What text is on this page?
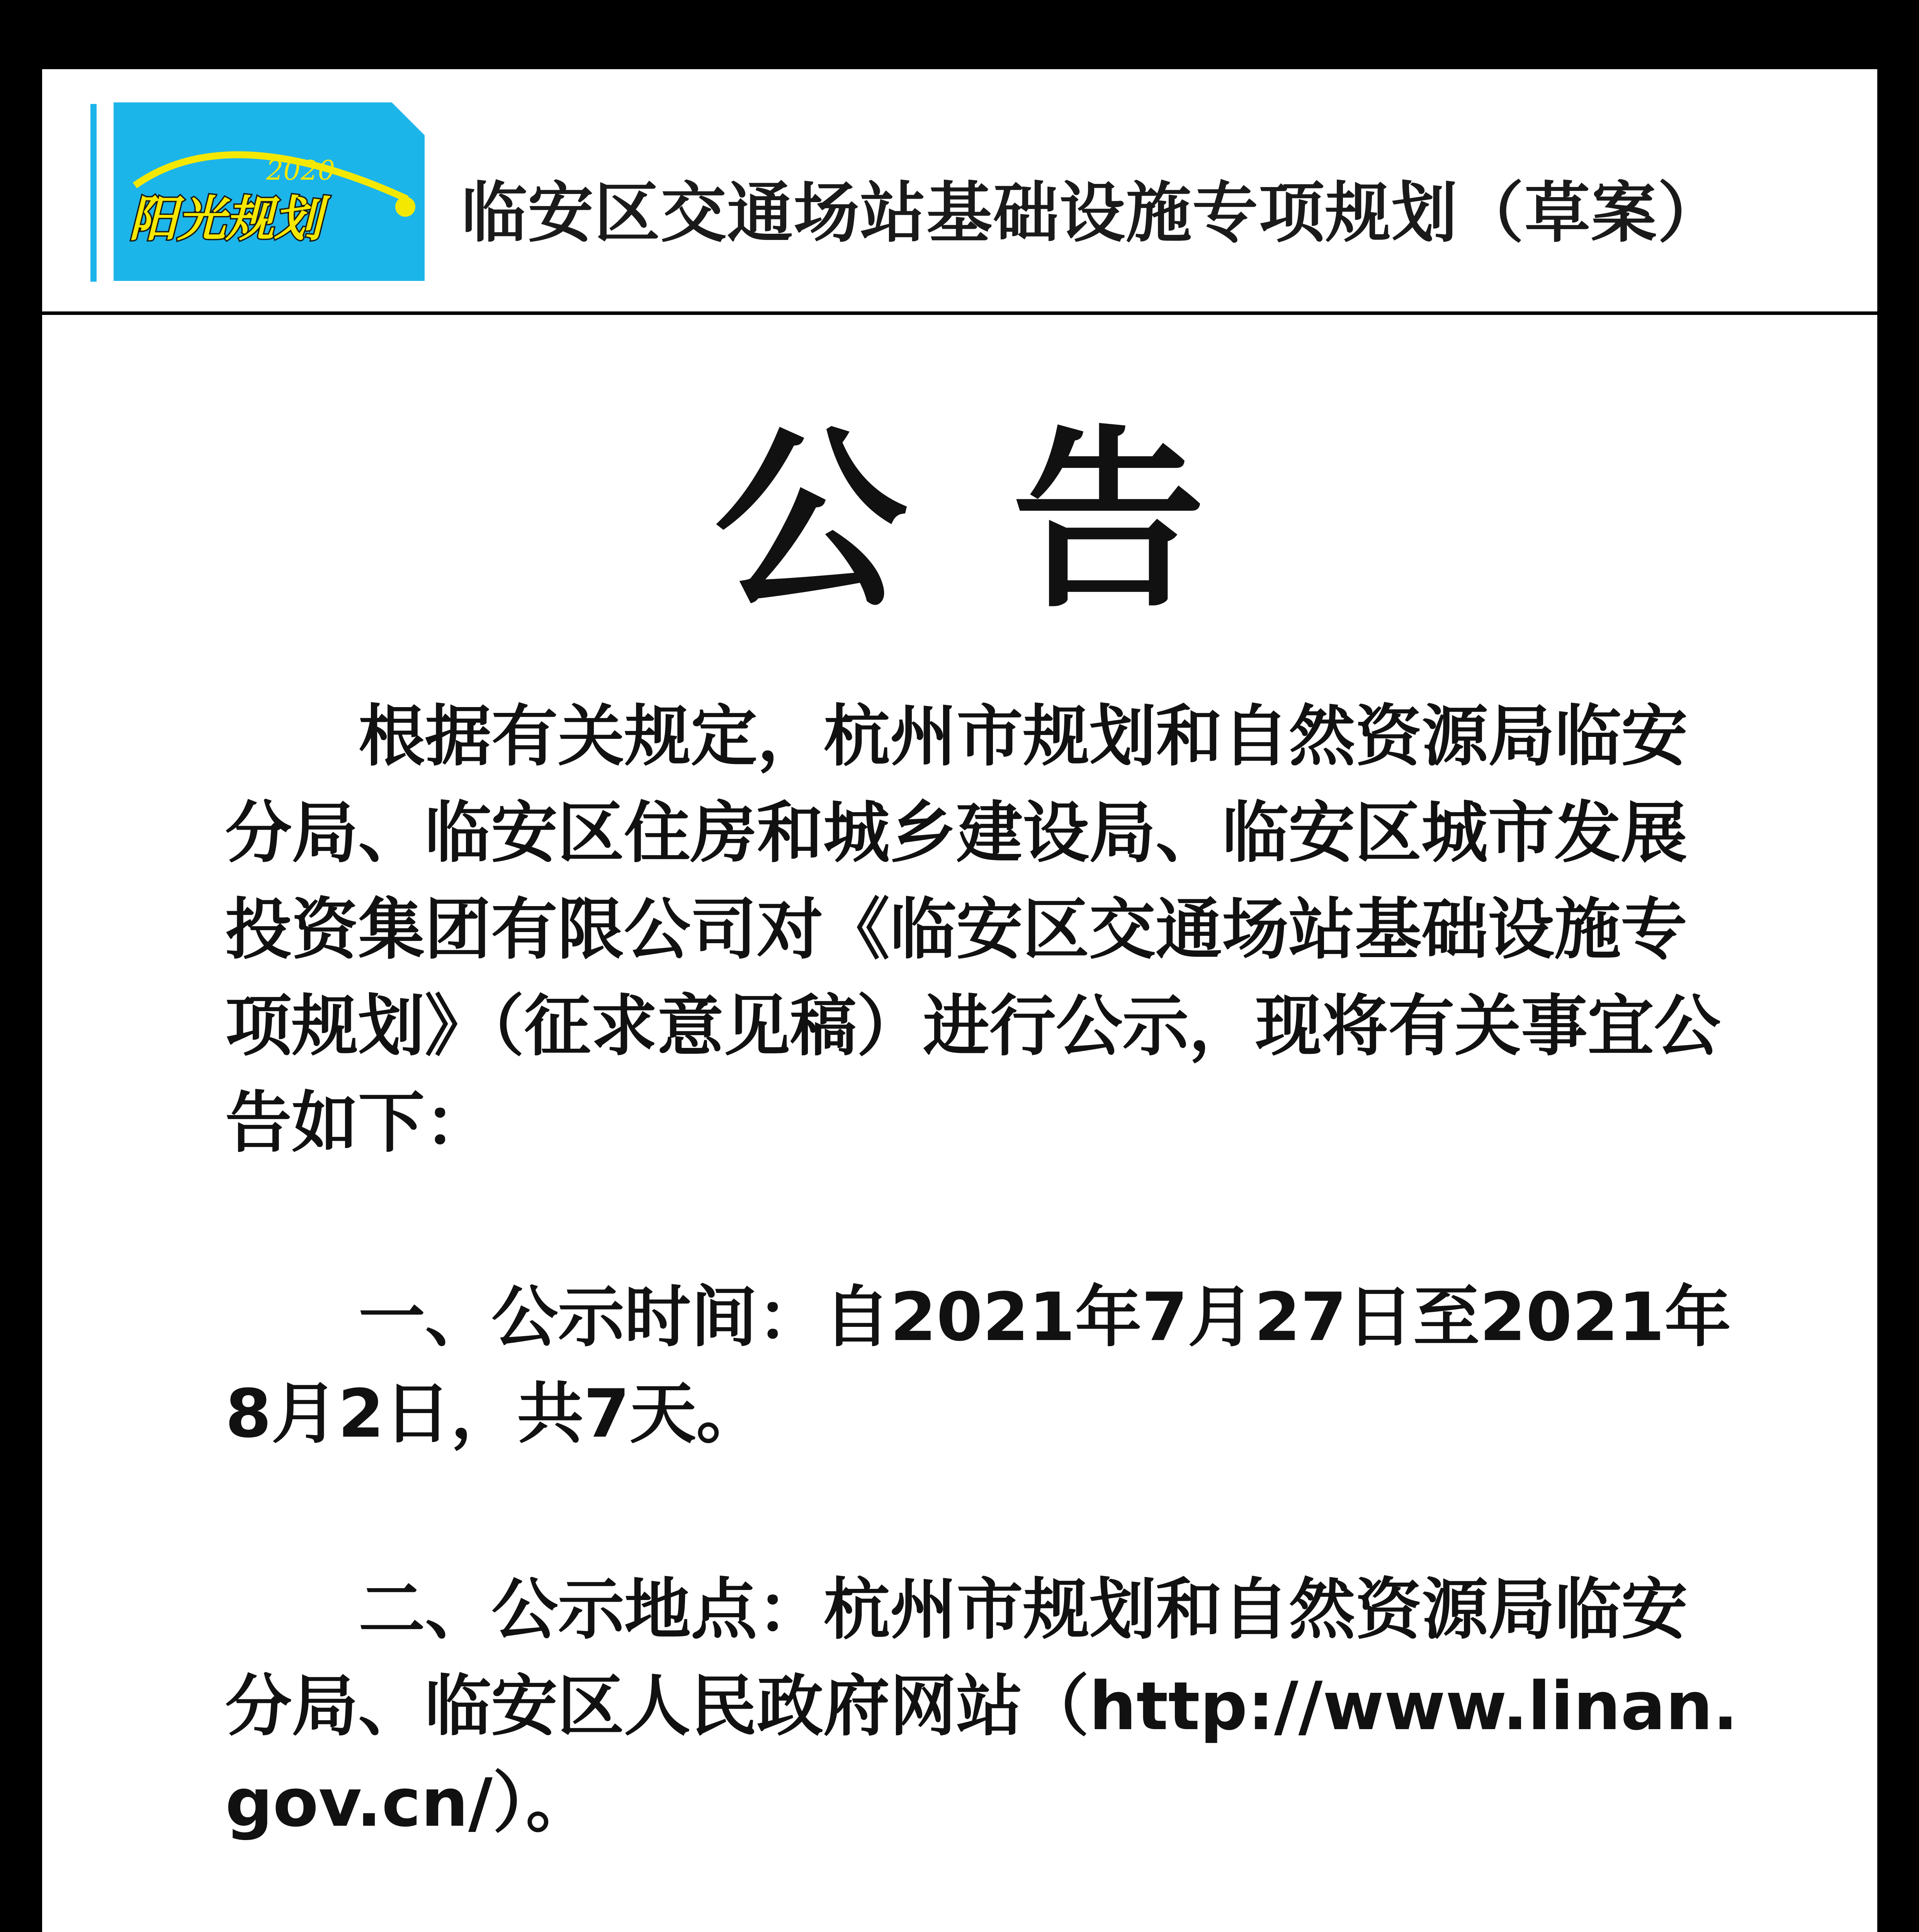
2020
阳光规划 临安区交通场站基础设施专项规划（草案）
公告

根据有关规定，杭州市规划和自然资源局临安分局、临安区住房和城乡建设局、临安区城市发展投资集团有限公司对《临安区交通场站基础设施专项规划》（征求意见稿）进行公示，现将有关事宜公告如下：

一、公示时间：自2021年7月27日至2021年8月2日，共7天。

二、公示地点：杭州市规划和自然资源局临安分局、临安区人民政府网站（http://www.linan.gov.cn/）。
